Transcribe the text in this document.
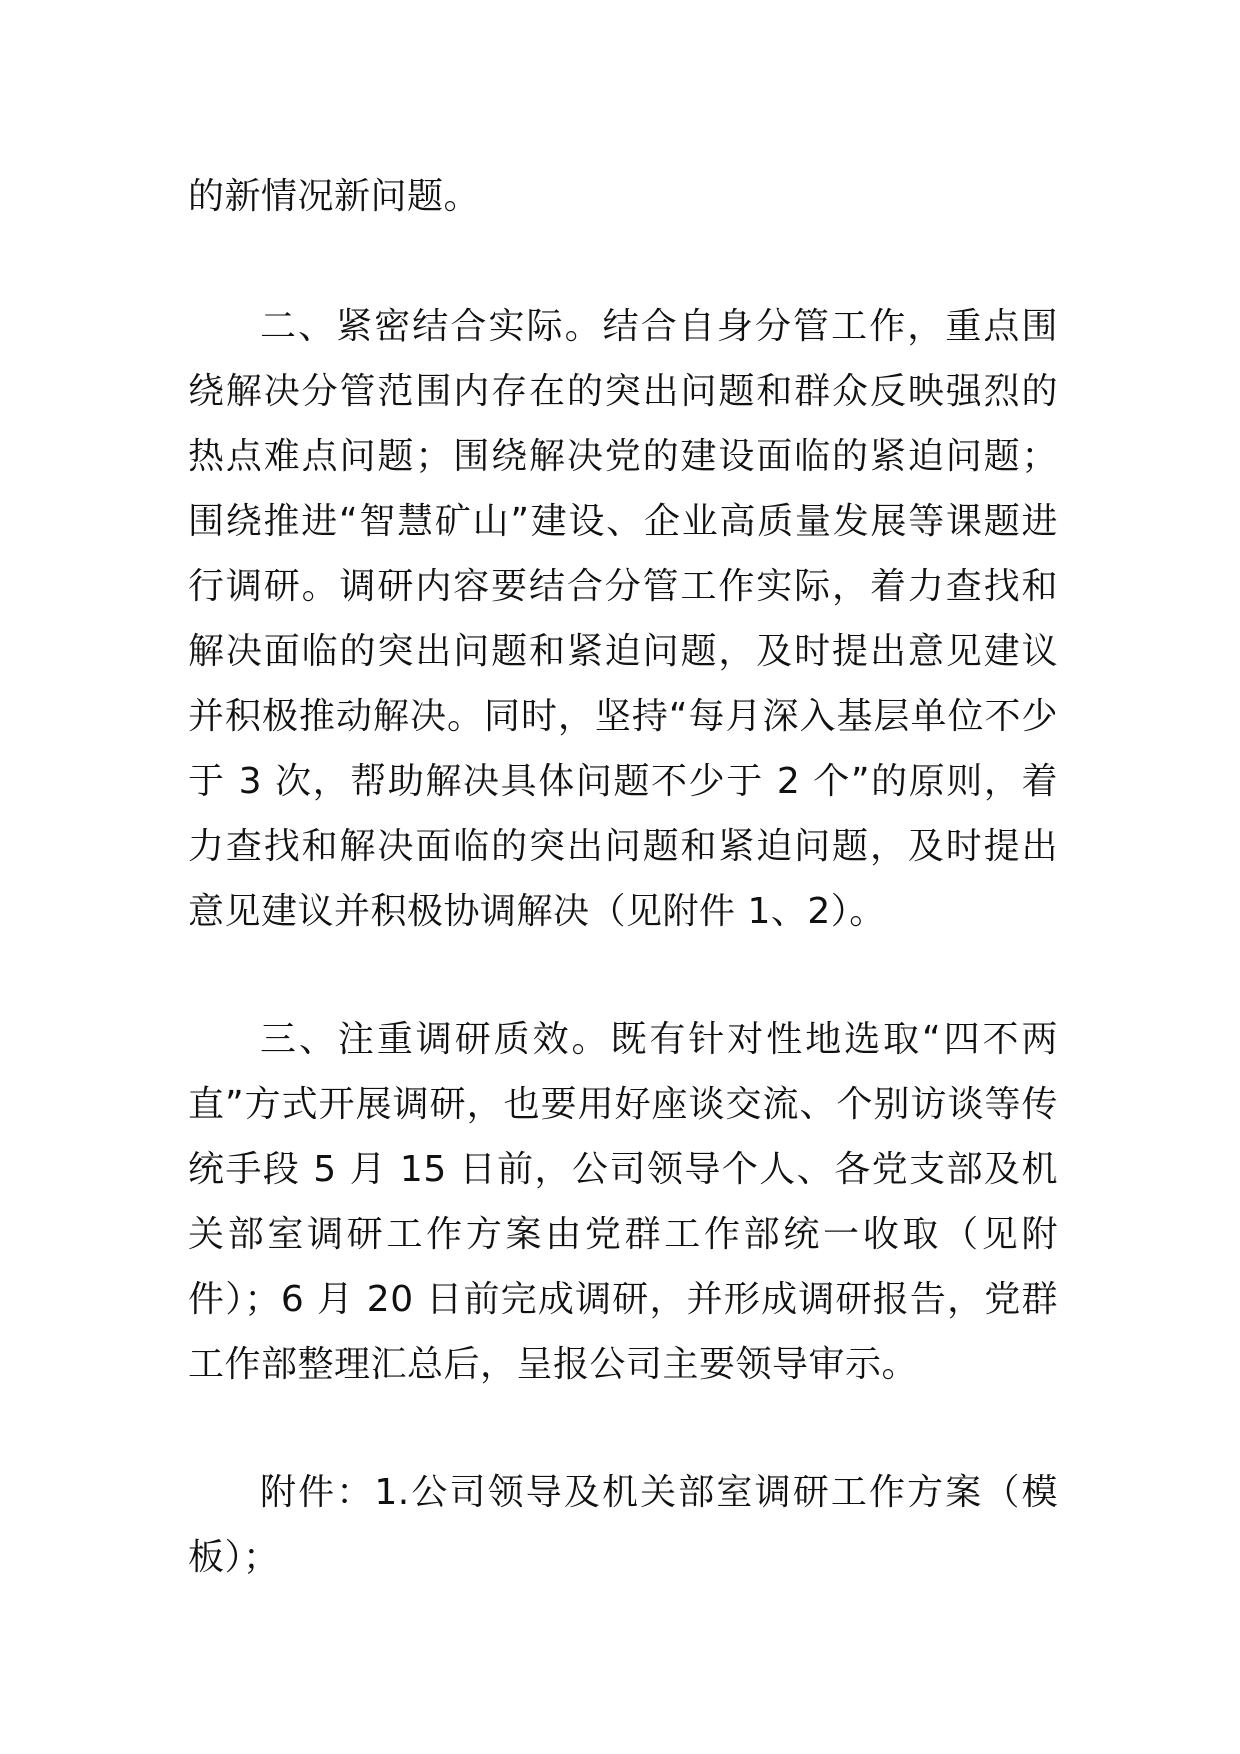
的新情况新问题。

二、紧密结合实际。结合自身分管工作，重点围绕解决分管范围内存在的突出问题和群众反映强烈的热点难点问题；围绕解决党的建设面临的紧迫问题；围绕推进“智慧矿山”建设、企业高质量发展等课题进行调研。调研内容要结合分管工作实际，着力查找和解决面临的突出问题和紧迫问题，及时提出意见建议并积极推动解决。同时，坚持“每月深入基层单位不少于 3 次，帮助解决具体问题不少于 2 个”的原则，着力查找和解决面临的突出问题和紧迫问题，及时提出意见建议并积极协调解决（见附件 1、2）。

三、注重调研质效。既有针对性地选取“四不两直”方式开展调研，也要用好座谈交流、个别访谈等传统手段 5 月 15 日前，公司领导个人、各党支部及机关部室调研工作方案由党群工作部统一收取（见附件）；6 月 20 日前完成调研，并形成调研报告，党群工作部整理汇总后，呈报公司主要领导审示。

附件：1.公司领导及机关部室调研工作方案（模板）；
